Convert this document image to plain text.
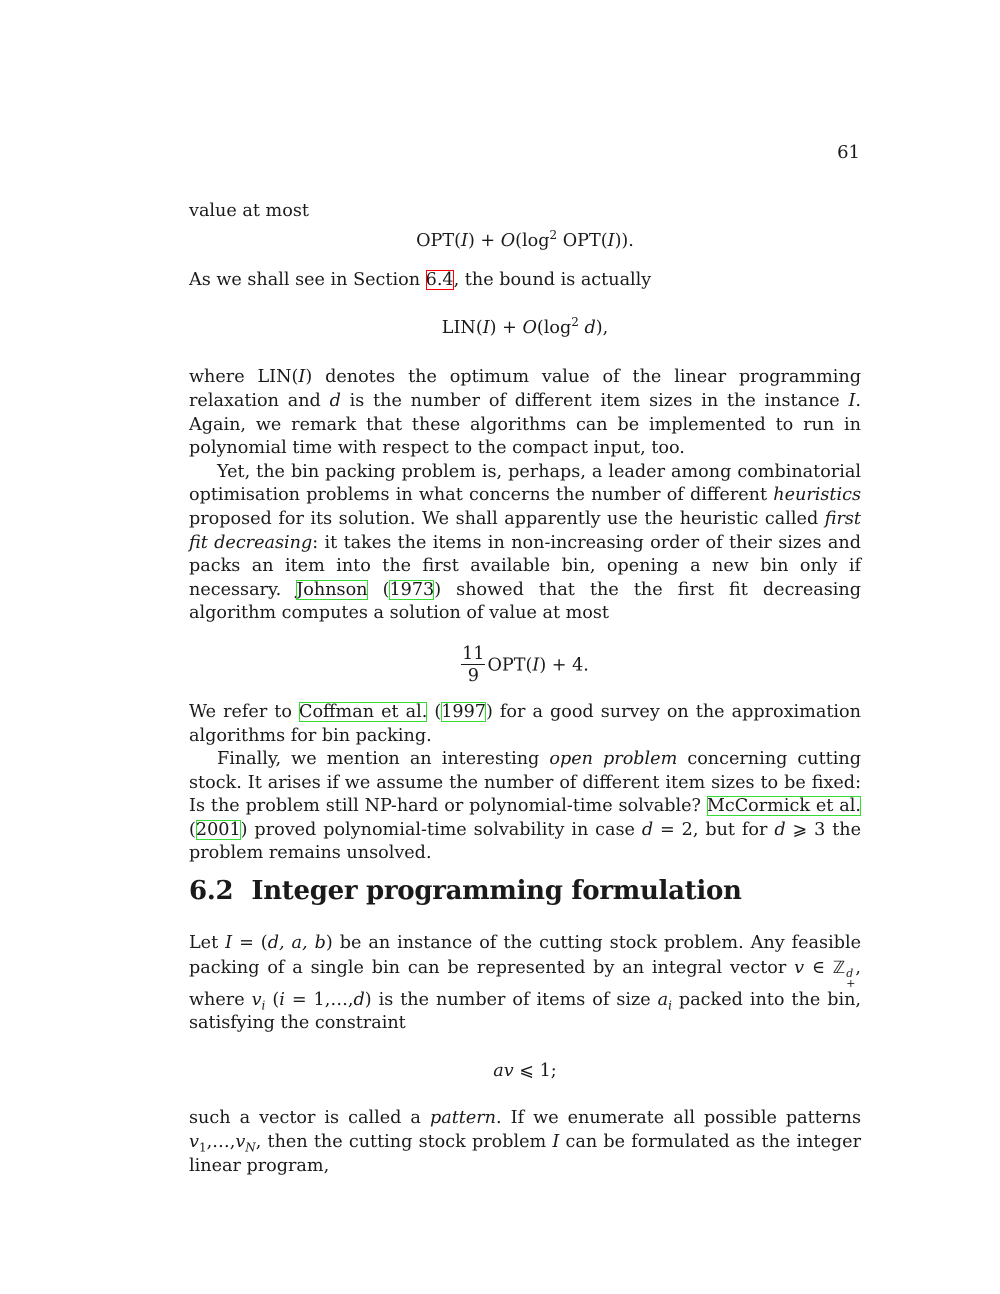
61

value at most

$OPT(I) + O(\log^2$ OPT(I)).

As we shall see in Section 6.4, the bound is actually

$LIN(I) + O(\log^2$ d),

where LIN(I) denotes the optimum value of the linear programming relaxation and d is the number of different item sizes in the instance I. Again, we remark that these algorithms can be implemented to run in polynomial time with respect to the compact input, too.

Yet, the bin packing problem is, perhaps, a leader among combinatorial optimisation problems in what concerns the number of different heuristics proposed for its solution. We shall apparently use the heuristic called first fit decreasing: it takes the items in non-increasing order of their sizes and packs an item into the first available bin, opening a new bin only if necessary. Johnson (1973) showed that the the first fit decreasing algorithm computes a solution of value at most

$\frac{11}{9} OPT(I) + 4$.

We refer to Coffman et al. (1997) for a good survey on the approximation algorithms for bin packing.

Finally, we mention an interesting open problem concerning cutting stock. It arises if we assume the number of different item sizes to be fixed: Is the problem still NP-hard or polynomial-time solvable? McCormick et al. (2001) proved polynomial-time solvability in case d = 2, but for d ⩾ 3 the problem remains unsolved.

6.2 Integer programming formulation

Let I = (d, a, b) be an instance of the cutting stock problem. Any feasible packing of a single bin can be represented by an integral vector v ∈ ℤ d
+
, where $v_i$ (i = 1,…,d) is the number of items of size $a_i$ packed into the bin, satisfying the constraint

av ⩽ 1;

such a vector is called a pattern. If we enumerate all possible patterns $v_1,\dots,v_N$, then the cutting stock problem I can be formulated as the integer linear program,
